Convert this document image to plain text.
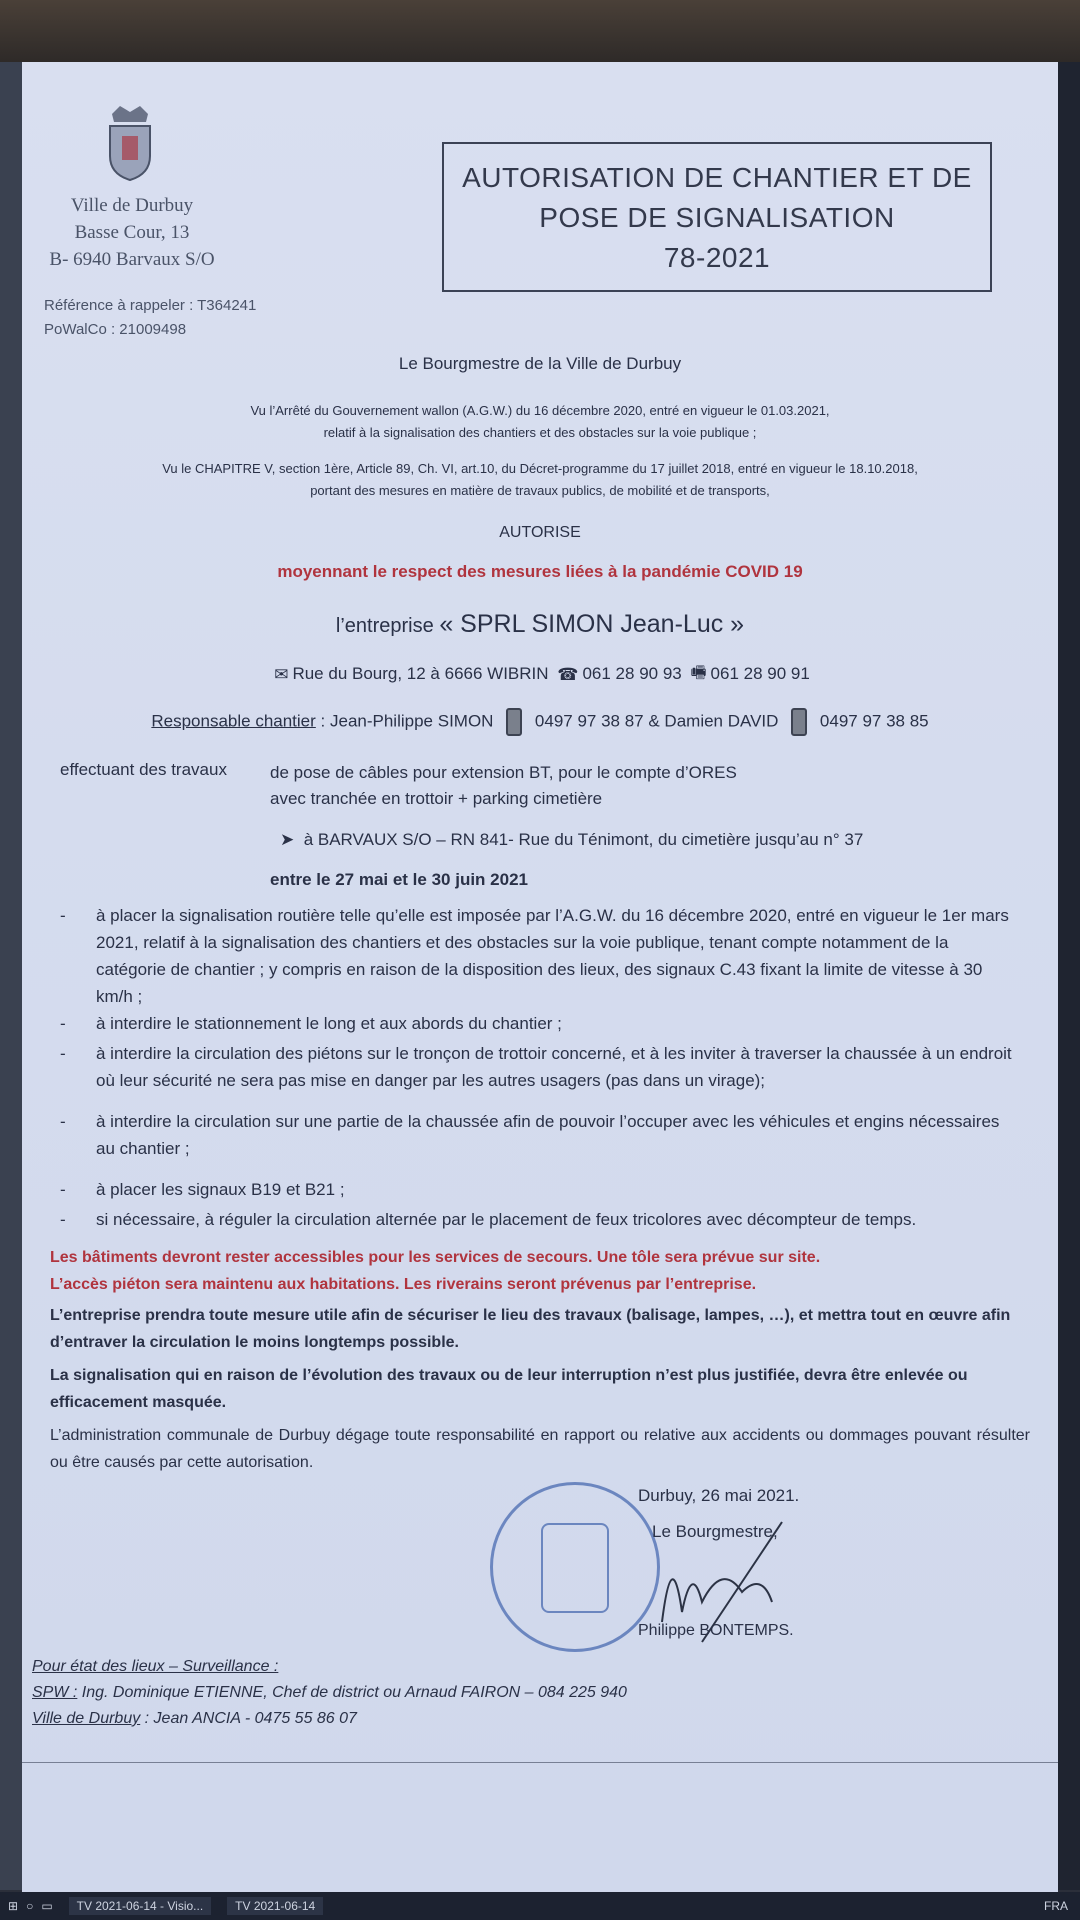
Ville de Durbuy
Basse Cour, 13
B- 6940 Barvaux S/O
Référence à rappeler : T364241
PoWalCo : 21009498
AUTORISATION DE CHANTIER ET DE
POSE DE SIGNALISATION
78-2021
Le Bourgmestre de la Ville de Durbuy
Vu l’Arrêté du Gouvernement wallon (A.G.W.) du 16 décembre 2020, entré en vigueur le 01.03.2021,
relatif à la signalisation des chantiers et des obstacles sur la voie publique ;
Vu le CHAPITRE V, section 1ère, Article 89, Ch. VI, art.10, du Décret-programme du 17 juillet 2018, entré en vigueur le 18.10.2018,
portant des mesures en matière de travaux publics, de mobilité et de transports,
AUTORISE
moyennant le respect des mesures liées à la pandémie COVID 19
l’entreprise « SPRL SIMON Jean-Luc »
✉ Rue du Bourg, 12 à 6666 WIBRIN ☎ 061 28 90 93 🖷 061 28 90 91
Responsable chantier : Jean-Philippe SIMON 0497 97 38 87 & Damien DAVID 0497 97 38 85
effectuant des travaux	de pose de câbles pour extension BT, pour le compte d’ORES
avec tranchée en trottoir + parking cimetière
➤  à BARVAUX S/O – RN 841- Rue du Ténimont, du cimetière jusqu’au n° 37
entre le 27 mai et le 30 juin 2021
-	à placer la signalisation routière telle qu’elle est imposée par l’A.G.W. du 16 décembre 2020, entré en vigueur le 1er mars 2021, relatif à la signalisation des chantiers et des obstacles sur la voie publique, tenant compte notamment de la catégorie de chantier ; y compris en raison de la disposition des lieux, des signaux C.43 fixant la limite de vitesse à 30 km/h ;
-	à interdire le stationnement le long et aux abords du chantier ;
-	à interdire la circulation des piétons sur le tronçon de trottoir concerné, et à les inviter à traverser la chaussée à un endroit où leur sécurité ne sera pas mise en danger par les autres usagers (pas dans un virage);
-	à interdire la circulation sur une partie de la chaussée afin de pouvoir l’occuper avec les véhicules et engins nécessaires au chantier ;
-	à placer les signaux B19 et B21 ;
-	si nécessaire, à réguler la circulation alternée par le placement de feux tricolores avec décompteur de temps.
Les bâtiments devront rester accessibles pour les services de secours. Une tôle sera prévue sur site.
L’accès piéton sera maintenu aux habitations. Les riverains seront prévenus par l’entreprise.
L’entreprise prendra toute mesure utile afin de sécuriser le lieu des travaux (balisage, lampes, …), et mettra tout en œuvre afin d’entraver la circulation le moins longtemps possible.
La signalisation qui en raison de l’évolution des travaux ou de leur interruption n’est plus justifiée, devra être enlevée ou efficacement masquée.
L’administration communale de Durbuy dégage toute responsabilité en rapport ou relative aux accidents ou dommages pouvant résulter ou être causés par cette autorisation.
Durbuy, 26 mai 2021.
Le Bourgmestre,
Philippe BONTEMPS.
Pour état des lieux – Surveillance :
SPW : Ing. Dominique ETIENNE, Chef de district ou Arnaud FAIRON – 084 225 940
Ville de Durbuy : Jean ANCIA - 0475 55 86 07
⊞ ○ ▭	TV 2021-06-14 - Visio...	TV 2021-06-14	FRA
